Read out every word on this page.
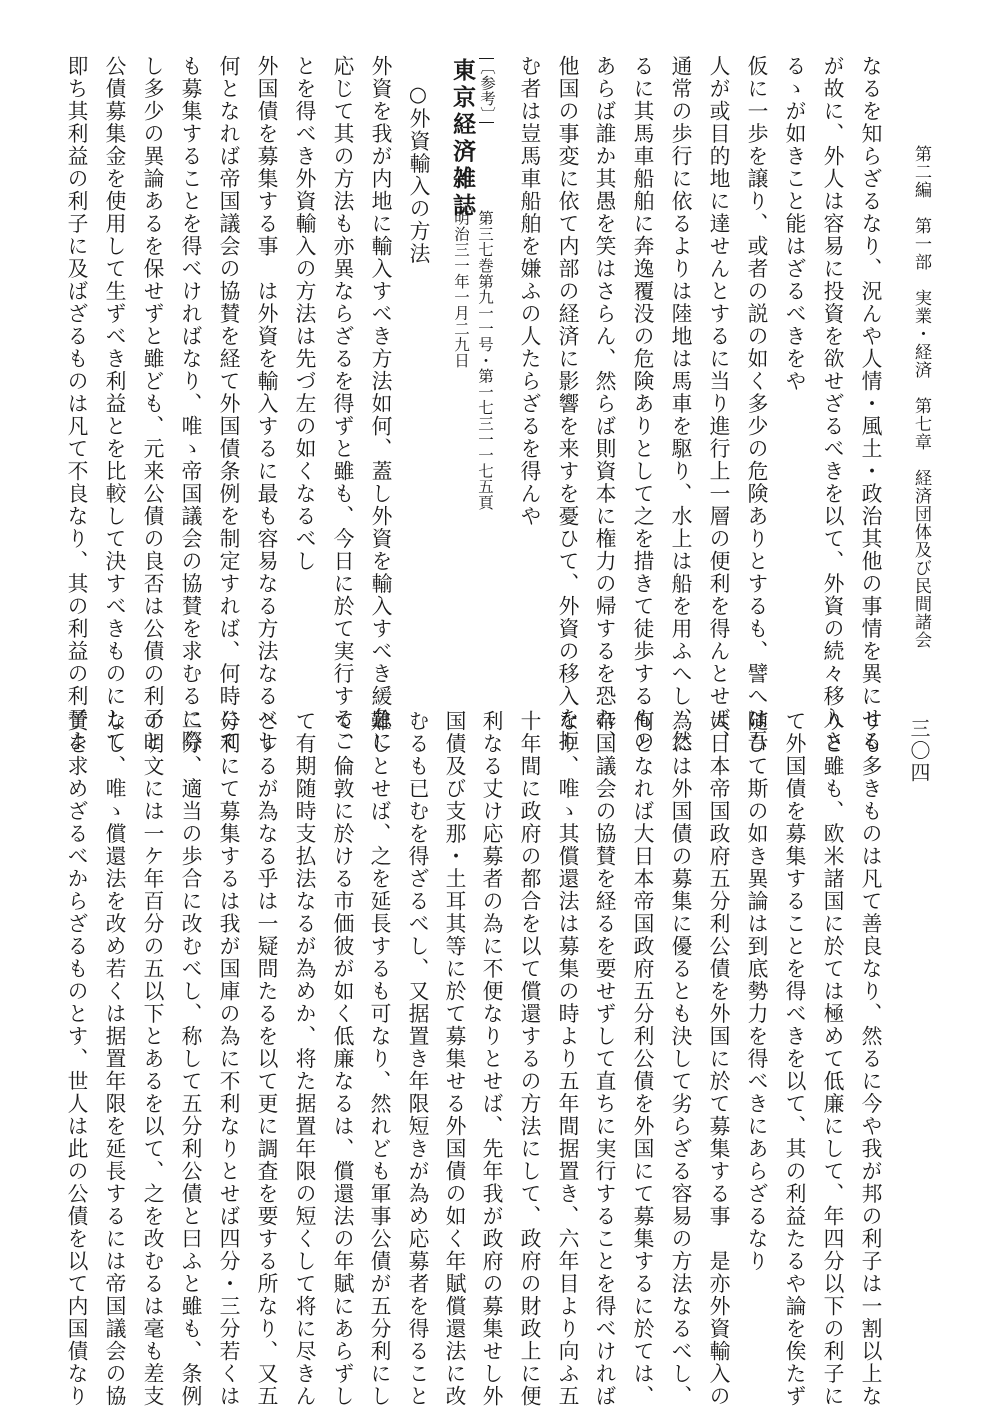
第二編　第一部　実業・経済　第七章　経済団体及び民間諸会
三〇四
なるを知らざるなり、況んや人情・風土・政治其他の事情を異にせる
が故に、外人は容易に投資を欲せざるべきを以て、外資の続々移入さ
るゝが如きこと能はざるべきをや
仮に一歩を譲り、或者の説の如く多少の危険ありとするも、譬へは吾
人が或目的地に達せんとするに当り進行上一層の便利を得んとせば、
通常の歩行に依るよりは陸地は馬車を駆り、水上は船を用ふへし、然
るに其馬車船舶に奔逸覆没の危険ありとして之を措きて徒歩するもの
あらば誰か其愚を笑はさらん、然らば則資本に権力の帰するを恐れ、
他国の事変に依て内部の経済に影響を来すを憂ひて、外資の移入を拒
む者は豈馬車船舶を嫌ふの人たらざるを得んや
〔参考〕
東京経済雑誌
第三七巻第九一一号・第一七三一一七五頁
明治三一年一月二九日
○外資輸入の方法
外資を我が内地に輸入すべき方法如何、蓋し外資を輸入すべき緩急に
応じて其の方法も亦異ならざるを得ずと雖も、今日に於て実行するこ
とを得べき外資輸入の方法は先づ左の如くなるべし
外国債を募集する事　は外資を輸入するに最も容易なる方法なるべし
何となれば帝国議会の協賛を経て外国債条例を制定すれば、何時にて
も募集することを得べければなり、唯ゝ帝国議会の協賛を求むるに際
し多少の異論あるを保せずと雖ども、元来公債の良否は公債の利子と
公債募集金を使用して生ずべき利益とを比較して決すべきものにして
即ち其利益の利子に及ばざるものは凡て不良なり、其の利益の利子よ
りも多きものは凡て善良なり、然るに今や我が邦の利子は一割以上な
りと雖も、欧米諸国に於ては極めて低廉にして、年四分以下の利子に
て外国債を募集することを得べきを以て、其の利益たるや論を俟たず
随ひて斯の如き異論は到底勢力を得べきにあらざるなり
大日本帝国政府五分利公債を外国に於て募集する事　是亦外資輸入の
為には外国債の募集に優るとも決して劣らざる容易の方法なるべし、
何となれば大日本帝国政府五分利公債を外国にて募集するに於ては、
帝国議会の協賛を経るを要せずして直ちに実行することを得べければ
なり、唯ゝ其償還法は募集の時より五年間据置き、六年目より向ふ五
十年間に政府の都合を以て償還するの方法にして、政府の財政上に便
利なる丈け応募者の為に不便なりとせば、先年我が政府の募集せし外
国債及び支那・土耳其等に於て募集せる外国債の如く年賦償還法に改
むるも已むを得ざるべし、又据置き年限短きが為め応募者を得ること
難しとせば、之を延長するも可なり、然れども軍事公債が五分利にし
て、倫敦に於ける市価彼が如く低廉なるは、償還法の年賦にあらずし
て有期随時支払法なるが為めか、将た据置年限の短くして将に尽きん
とするが為なる乎は一疑問たるを以て更に調査を要する所なり、又五
分利にて募集するは我が国庫の為に不利なりとせば四分・三分若くは
二分、適当の歩合に改むべし、称して五分利公債と曰ふと雖も、条例
の明文には一ケ年百分の五以下とあるを以て、之を改むるは毫も差支
なし、唯ゝ償還法を改め若くは据置年限を延長するには帝国議会の協
賛を求めざるべからざるものとす、世人は此の公債を以て内国債なり
